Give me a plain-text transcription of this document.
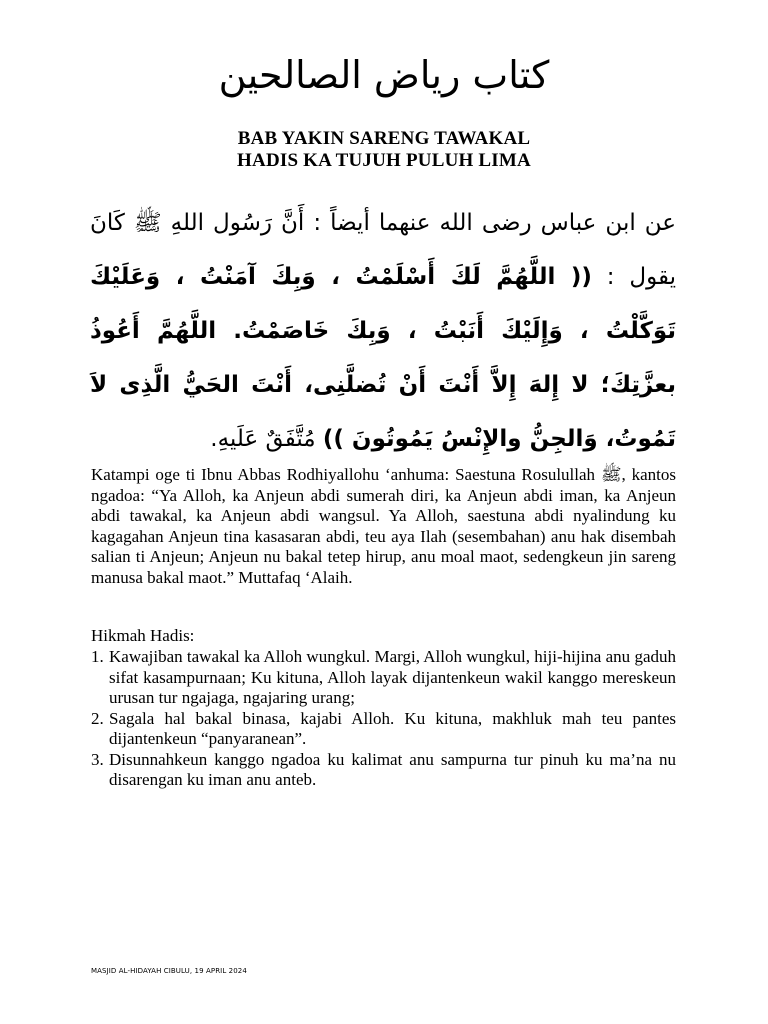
كتاب رياض الصالحين
BAB YAKIN SARENG TAWAKAL
HADIS KA TUJUH PULUH LIMA
عن ابن عباس رضى الله عنهما أيضاً : أَنَّ رَسُول اللهِ ﷺ كَانَ يقول : (( اللَّهُمَّ لَكَ أَسْلَمْتُ ، وَبِكَ آمَنْتُ ، وَعَلَيْكَ تَوَكَّلْتُ ، وَإِلَيْكَ أَنَبْتُ ، وَبِكَ خَاصَمْتُ. اللَّهُمَّ أَعُوذُ بعزَّتِكَ؛ لا إِلهَ إِلاَّ أَنْتَ أَنْ تُضلَّنِى، أَنْتَ الحَيُّ الَّذِى لاَ تَمُوتُ، وَالجِنُّ والإِنْسُ يَمُوتُونَ )) مُتَّفَقٌ عَلَيهِ.

Katampi oge ti Ibnu Abbas Rodhiyallohu ‘anhuma: Saestuna Rosulullah ﷺ, kantos ngadoa: “Ya Alloh, ka Anjeun abdi sumerah diri, ka Anjeun abdi iman, ka Anjeun abdi tawakal, ka Anjeun abdi wangsul. Ya Alloh, saestuna abdi nyalindung ku kagagahan Anjeun tina kasasaran abdi, teu aya Ilah (sesembahan) anu hak disembah salian ti Anjeun; Anjeun nu bakal tetep hirup, anu moal maot, sedengkeun jin sareng manusa bakal maot.” Muttafaq ‘Alaih.

Hikmah Hadis:
1. Kawajiban tawakal ka Alloh wungkul. Margi, Alloh wungkul, hiji-hijina anu gaduh sifat kasampurnaan; Ku kituna, Alloh layak dijantenkeun wakil kanggo mereskeun urusan tur ngajaga, ngajaring urang;
2. Sagala hal bakal binasa, kajabi Alloh. Ku kituna, makhluk mah teu pantes dijantenkeun “panyaranean”.
3. Disunnahkeun kanggo ngadoa ku kalimat anu sampurna tur pinuh ku ma’na nu disarengan ku iman anu anteb.
MASJID AL-HIDAYAH CIBULU, 19 APRIL 2024
